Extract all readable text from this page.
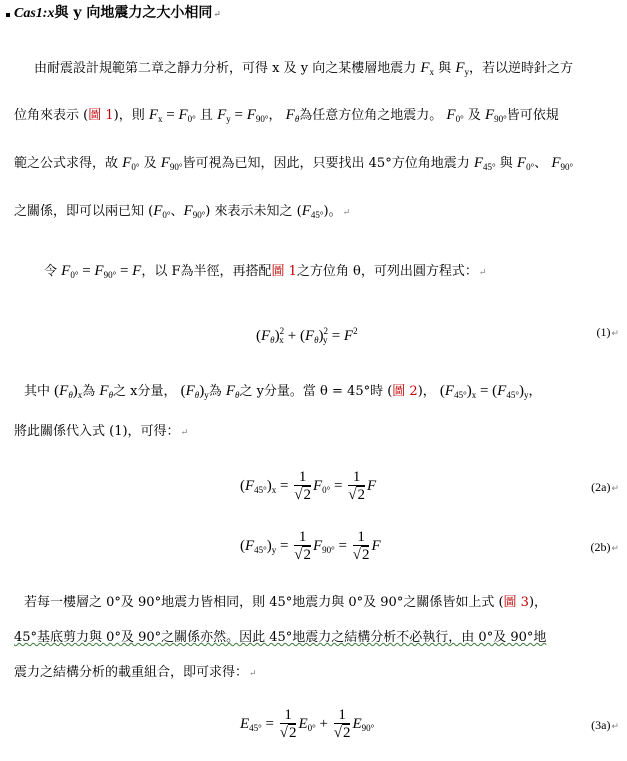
Cas1:x與 y 向地震力之大小相同↵
由耐震設計規範第二章之靜力分析，可得 x 及 y 向之某樓層地震力 $F_x$ 與 $F_y$，若以逆時針之方
位角來表示 (圖 1)，則 $F_x = F_{0^\circ}$ 且 $F_y = F_{90^\circ}$， $F_\theta$為任意方位角之地震力。 $F_{0^\circ}$ 及 $F_{90^\circ}$皆可依規
範之公式求得，故 $F_{0^\circ}$ 及 $F_{90^\circ}$皆可視為已知，因此，只要找出 45°方位角地震力 $F_{45^\circ}$ 與 $F_{0^\circ}$、 $F_{90^\circ}$
之關係，即可以兩已知 ($F_{0^\circ}$、$F_{90^\circ}$) 來表示未知之 $(F_{45^\circ})$。↵
令 $F_{0^\circ} = F_{90^\circ} = F$，以 F為半徑，再搭配圖 1之方位角 θ，可列出圓方程式：↵
$(F_\theta)^2_x + (F_\theta)^2_y = F^2$	(1)↵
其中 $(F_\theta)_x$為 $F_\theta$之 x分量， $(F_\theta)_y$為 $F_\theta$之 y分量。當 θ = 45°時 (圖 2)， $(F_{45^\circ})_x = (F_{45^\circ})_y$，
將此關係代入式 (1)，可得：↵
$(F_{45^\circ})_x = \frac{1}{√2} F_{0^\circ} = \frac{1}{√2}$ F	(2a)↵
$(F_{45^\circ})_y = \frac{1}{√2} F_{90^\circ} = \frac{1}{√2}$ F	(2b)↵
若每一樓層之 0°及 90°地震力皆相同，則 45°地震力與 0°及 90°之關係皆如上式 (圖 3)，
45°基底剪力與 0°及 90°之關係亦然。因此 45°地震力之結構分析不必執行，由 0°及 90°地
震力之結構分析的載重組合，即可求得：↵
$E_{45^\circ} = \frac{1}{√2} E_{0^\circ} + \frac{1}{√2} E_{90^\circ}$	(3a)↵
